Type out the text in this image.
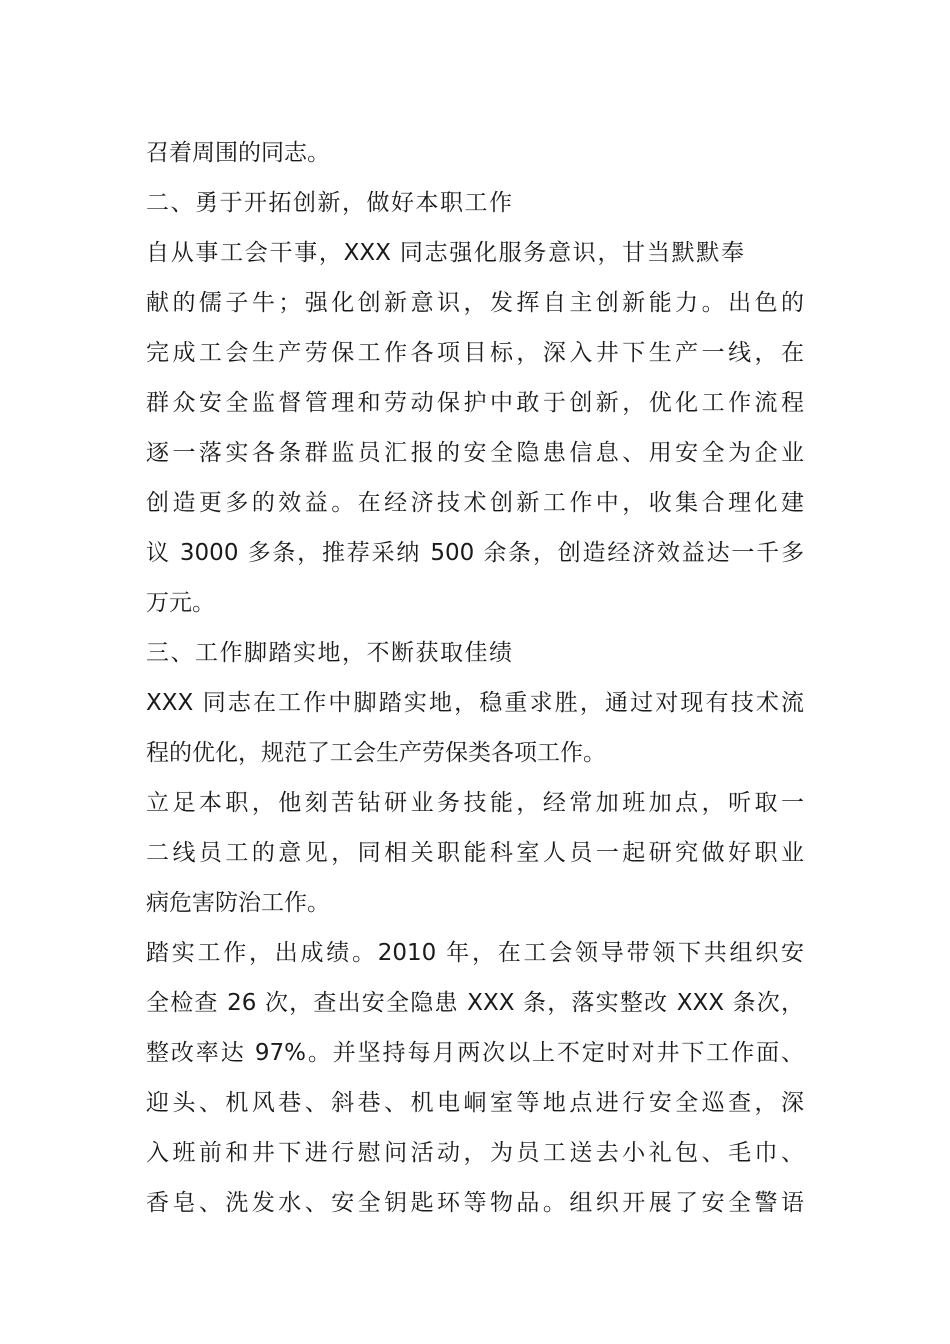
召着周围的同志。
二、勇于开拓创新，做好本职工作
自从事工会干事，XXX 同志强化服务意识，甘当默默奉
献的儒子牛；强化创新意识，发挥自主创新能力。出色的
完成工会生产劳保工作各项目标，深入井下生产一线，在
群众安全监督管理和劳动保护中敢于创新，优化工作流程
逐一落实各条群监员汇报的安全隐患信息、用安全为企业
创造更多的效益。在经济技术创新工作中，收集合理化建
议 3000 多条，推荐采纳 500 余条，创造经济效益达一千多
万元。
三、工作脚踏实地，不断获取佳绩
XXX 同志在工作中脚踏实地，稳重求胜，通过对现有技术流
程的优化，规范了工会生产劳保类各项工作。
立足本职，他刻苦钻研业务技能，经常加班加点，听取一
二线员工的意见，同相关职能科室人员一起研究做好职业
病危害防治工作。
踏实工作，出成绩。2010 年，在工会领导带领下共组织安
全检查 26 次，查出安全隐患 XXX 条，落实整改 XXX 条次，
整改率达 97%。并坚持每月两次以上不定时对井下工作面、
迎头、机风巷、斜巷、机电峒室等地点进行安全巡查，深
入班前和井下进行慰问活动，为员工送去小礼包、毛巾、
香皂、洗发水、安全钥匙环等物品。组织开展了安全警语
